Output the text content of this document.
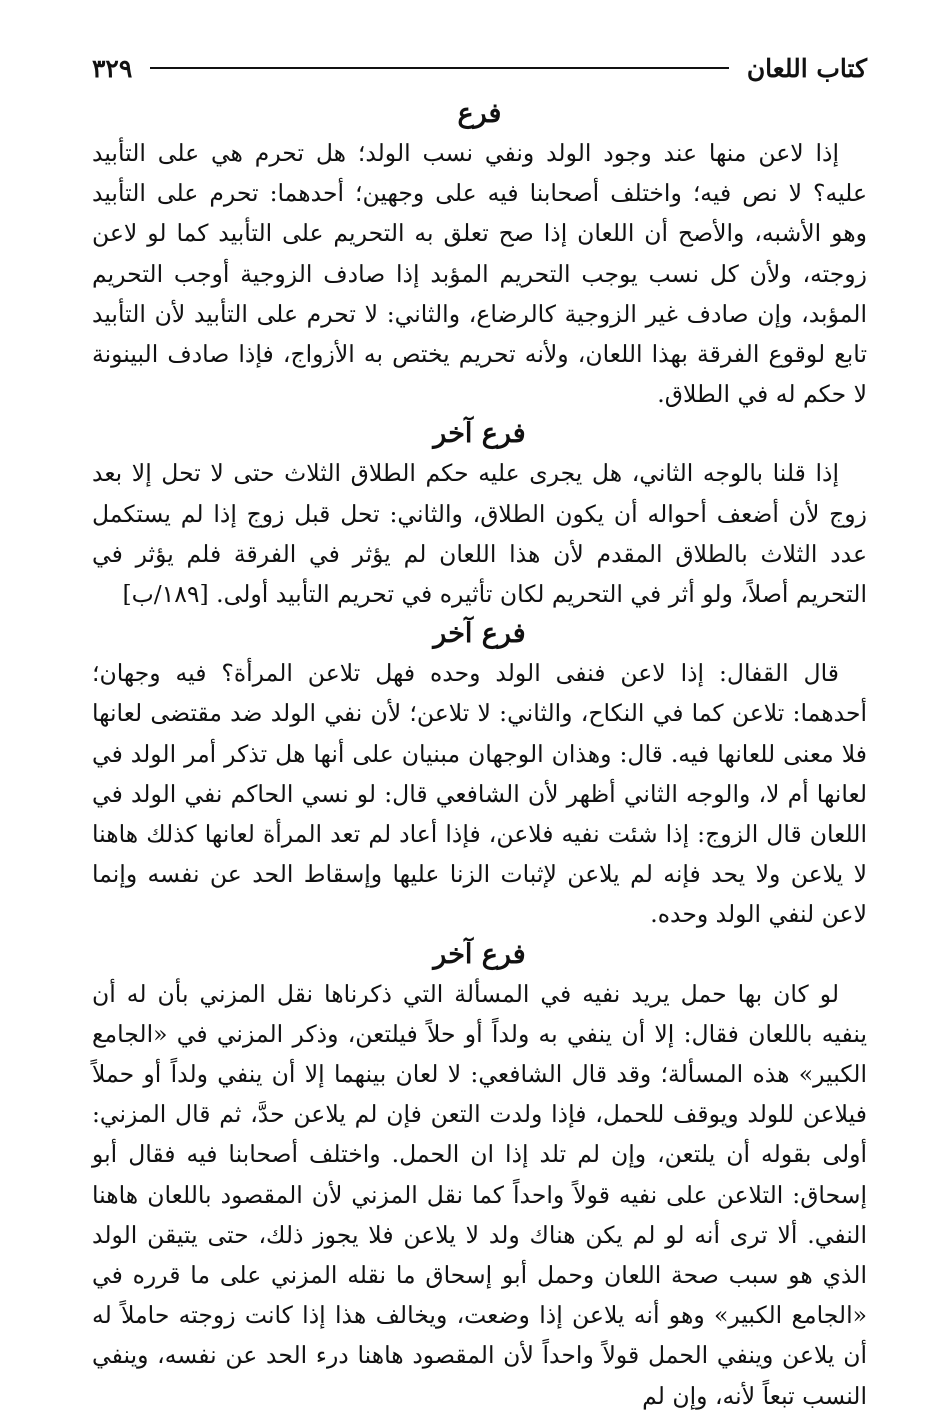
كتاب اللعان
٣٢٩
فرع

إذا لاعن منها عند وجود الولد ونفي نسب الولد؛ هل تحرم هي على التأبيد عليه؟ لا نص فيه؛ واختلف أصحابنا فيه على وجهين؛ أحدهما: تحرم على التأبيد وهو الأشبه، والأصح أن اللعان إذا صح تعلق به التحريم على التأبيد كما لو لاعن زوجته، ولأن كل نسب يوجب التحريم المؤبد إذا صادف الزوجية أوجب التحريم المؤبد، وإن صادف غير الزوجية كالرضاع، والثاني: لا تحرم على التأبيد لأن التأبيد تابع لوقوع الفرقة بهذا اللعان، ولأنه تحريم يختص به الأزواج، فإذا صادف البينونة لا حكم له في الطلاق.

فرع آخر

إذا قلنا بالوجه الثاني، هل يجرى عليه حكم الطلاق الثلاث حتى لا تحل إلا بعد زوج لأن أضعف أحواله أن يكون الطلاق، والثاني: تحل قبل زوج إذا لم يستكمل عدد الثلاث بالطلاق المقدم لأن هذا اللعان لم يؤثر في الفرقة فلم يؤثر في التحريم أصلاً، ولو أثر في التحريم لكان تأثيره في تحريم التأبيد أولى. [١٨٩/ب]

فرع آخر

قال القفال: إذا لاعن فنفى الولد وحده فهل تلاعن المرأة؟ فيه وجهان؛ أحدهما: تلاعن كما في النكاح، والثاني: لا تلاعن؛ لأن نفي الولد ضد مقتضى لعانها فلا معنى للعانها فيه. قال: وهذان الوجهان مبنيان على أنها هل تذكر أمر الولد في لعانها أم لا، والوجه الثاني أظهر لأن الشافعي قال: لو نسي الحاكم نفي الولد في اللعان قال الزوج: إذا شئت نفيه فلاعن، فإذا أعاد لم تعد المرأة لعانها كذلك هاهنا لا يلاعن ولا يحد فإنه لم يلاعن لإثبات الزنا عليها وإسقاط الحد عن نفسه وإنما لاعن لنفي الولد وحده.

فرع آخر

لو كان بها حمل يريد نفيه في المسألة التي ذكرناها نقل المزني بأن له أن ينفيه باللعان فقال: إلا أن ينفي به ولداً أو حلاً فيلتعن، وذكر المزني في «الجامع الكبير» هذه المسألة؛ وقد قال الشافعي: لا لعان بينهما إلا أن ينفي ولداً أو حملاً فيلاعن للولد ويوقف للحمل، فإذا ولدت التعن فإن لم يلاعن حدَّ، ثم قال المزني: أولى بقوله أن يلتعن، وإن لم تلد إذا ان الحمل. واختلف أصحابنا فيه فقال أبو إسحاق: التلاعن على نفيه قولاً واحداً كما نقل المزني لأن المقصود باللعان هاهنا النفي. ألا ترى أنه لو لم يكن هناك ولد لا يلاعن فلا يجوز ذلك، حتى يتيقن الولد الذي هو سبب صحة اللعان وحمل أبو إسحاق ما نقله المزني على ما قرره في «الجامع الكبير» وهو أنه يلاعن إذا وضعت، ويخالف هذا إذا كانت زوجته حاملاً له أن يلاعن وينفي الحمل قولاً واحداً لأن المقصود هاهنا درء الحد عن نفسه، وينفي النسب تبعاً لأنه، وإن لم
